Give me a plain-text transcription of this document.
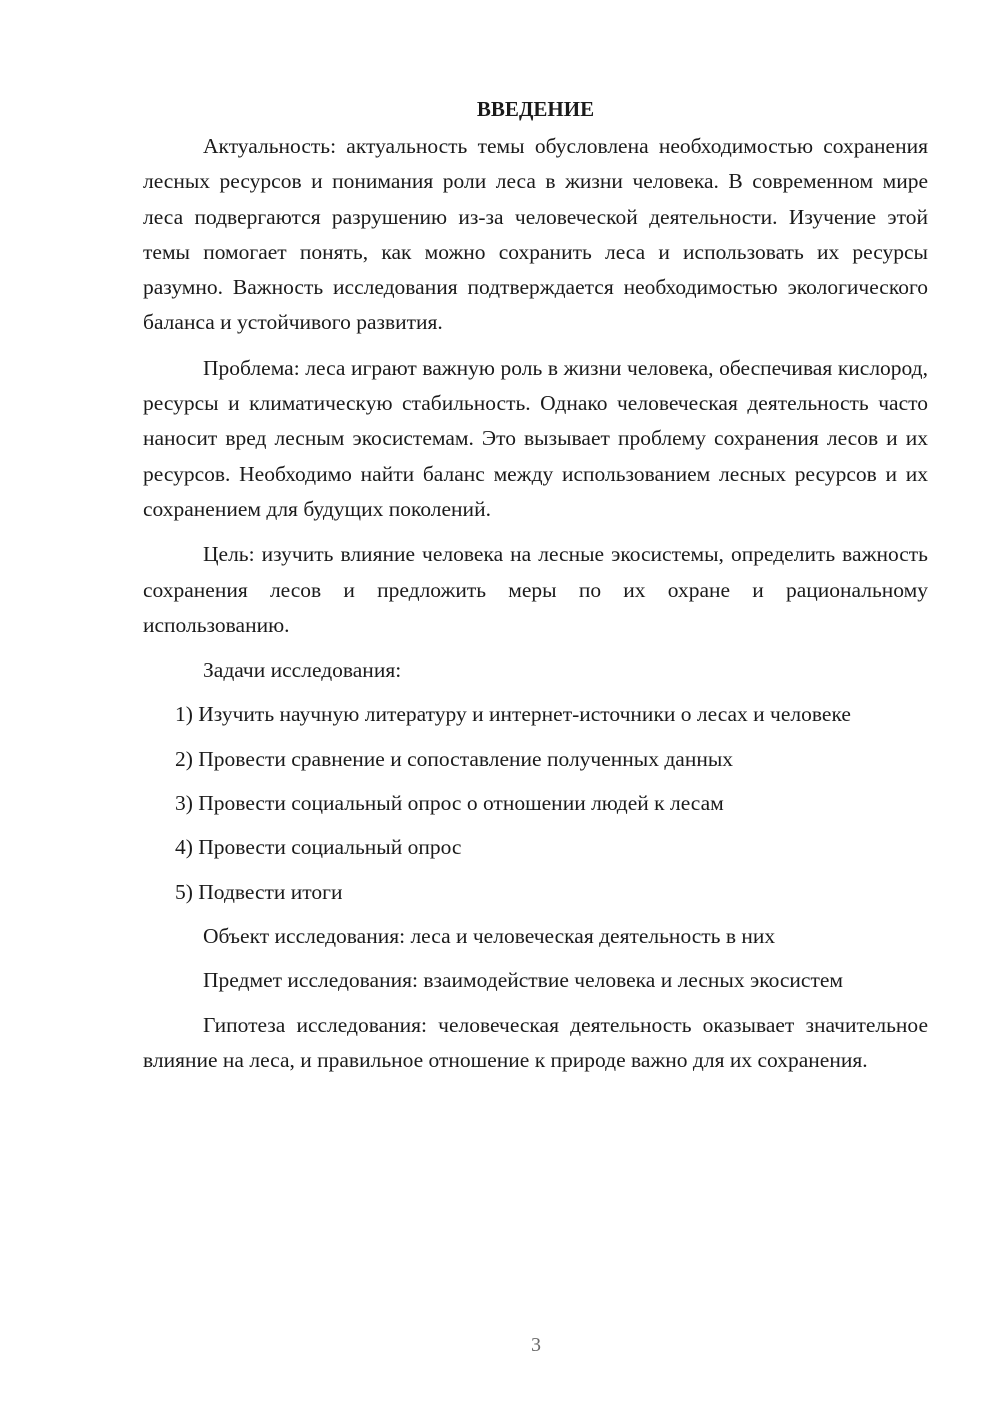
ВВЕДЕНИЕ

Актуальность: актуальность темы обусловлена необходимостью сохранения лесных ресурсов и понимания роли леса в жизни человека. В современном мире леса подвергаются разрушению из-за человеческой деятельности. Изучение этой темы помогает понять, как можно сохранить леса и использовать их ресурсы разумно. Важность исследования подтверждается необходимостью экологического баланса и устойчивого развития.

Проблема: леса играют важную роль в жизни человека, обеспечивая кислород, ресурсы и климатическую стабильность. Однако человеческая деятельность часто наносит вред лесным экосистемам. Это вызывает проблему сохранения лесов и их ресурсов. Необходимо найти баланс между использованием лесных ресурсов и их сохранением для будущих поколений.

Цель: изучить влияние человека на лесные экосистемы, определить важность сохранения лесов и предложить меры по их охране и рациональному использованию.

Задачи исследования:

1) Изучить научную литературу и интернет-источники о лесах и человеке

2) Провести сравнение и сопоставление полученных данных

3) Провести социальный опрос о отношении людей к лесам

4) Провести социальный опрос

5) Подвести итоги

Объект исследования: леса и человеческая деятельность в них

Предмет исследования: взаимодействие человека и лесных экосистем

Гипотеза исследования: человеческая деятельность оказывает значительное влияние на леса, и правильное отношение к природе важно для их сохранения.

3
